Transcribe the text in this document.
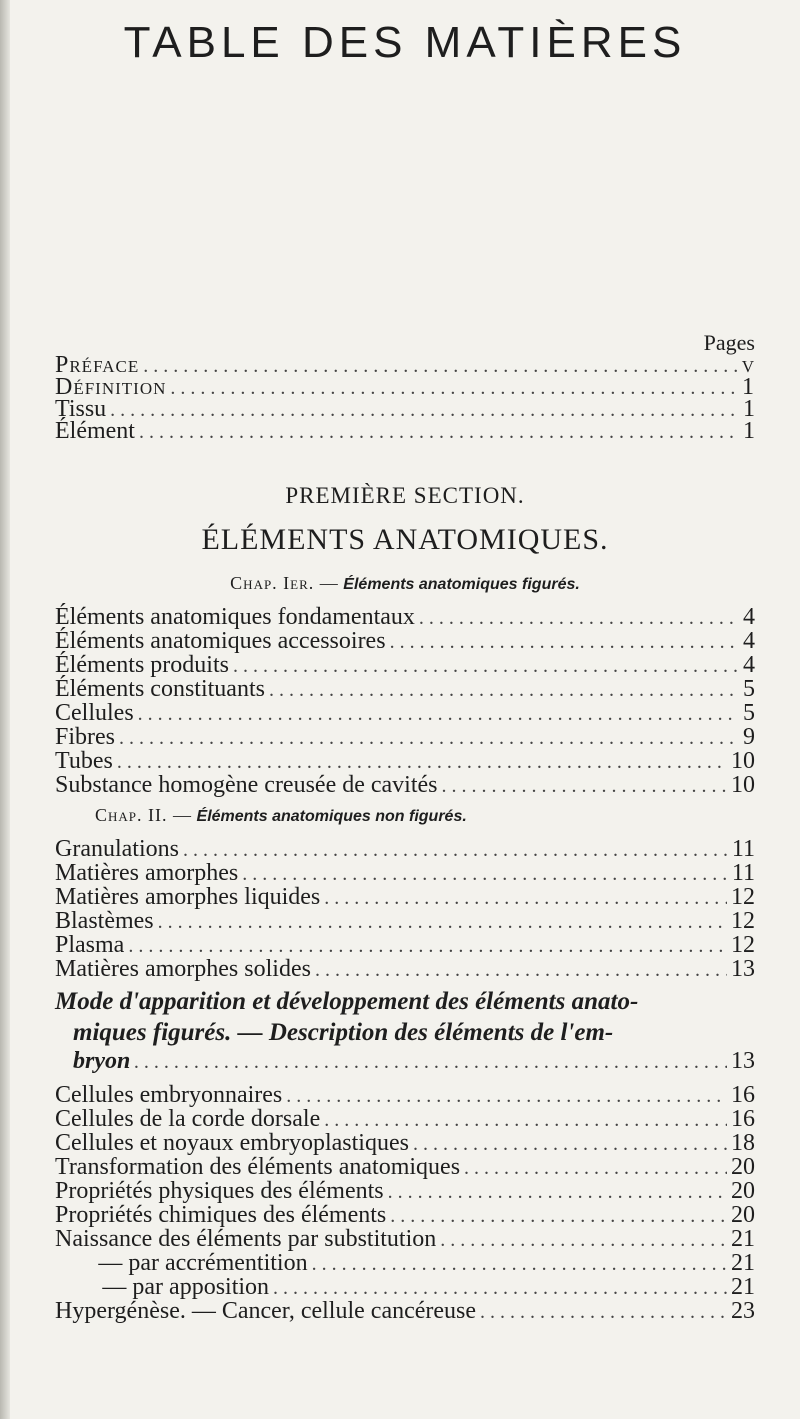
TABLE DES MATIÈRES
Pages
Préface .....	v
Définition .....	1
Tissu .....	1
Élément .....	1
PREMIÈRE SECTION.
ÉLÉMENTS ANATOMIQUES.
Chap. Ier. — Éléments anatomiques figurés.
Éléments anatomiques fondamentaux .....	4
Éléments anatomiques accessoires .....	4
Éléments produits .....	4
Éléments constituants .....	5
Cellules .....	5
Fibres .....	9
Tubes .....	10
Substance homogène creusée de cavités .....	10
Chap. II. — Éléments anatomiques non figurés.
Granulations .....	11
Matières amorphes .....	11
Matières amorphes liquides .....	12
Blastèmes .....	12
Plasma .....	12
Matières amorphes solides .....	13
Mode d'apparition et développement des éléments anato-
miques figurés. — Description des éléments de l'em-
bryon .....	13
Cellules embryonnaires .....	16
Cellules de la corde dorsale .....	16
Cellules et noyaux embryoplastiques .....	18
Transformation des éléments anatomiques .....	20
Propriétés physiques des éléments .....	20
Propriétés chimiques des éléments .....	20
Naissance des éléments par substitution .....	21
— par accrémentition .....	21
— par apposition .....	21
Hypergénèse. — Cancer, cellule cancéreuse .....	23
